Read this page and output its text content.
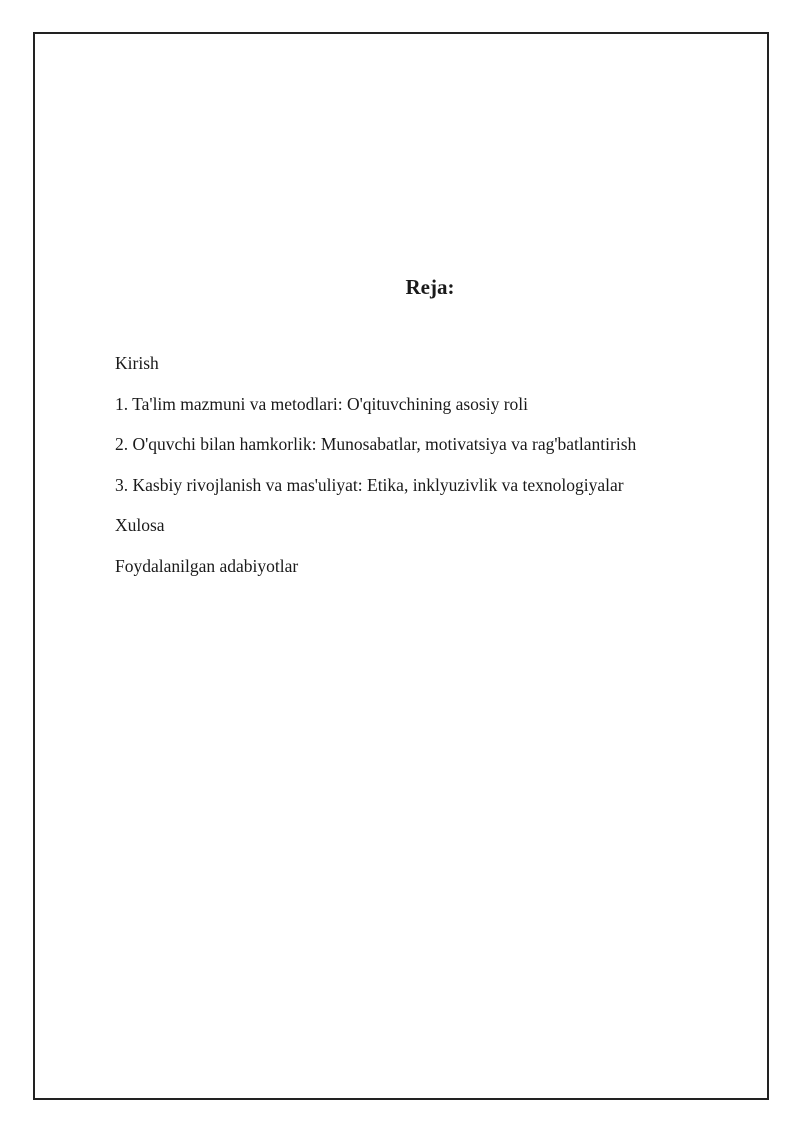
Reja:
Kirish
1. Ta'lim mazmuni va metodlari: O'qituvchining asosiy roli
2. O'quvchi bilan hamkorlik: Munosabatlar, motivatsiya va rag'batlantirish
3. Kasbiy rivojlanish va mas'uliyat: Etika, inklyuzivlik va texnologiyalar
Xulosa
Foydalanilgan adabiyotlar
